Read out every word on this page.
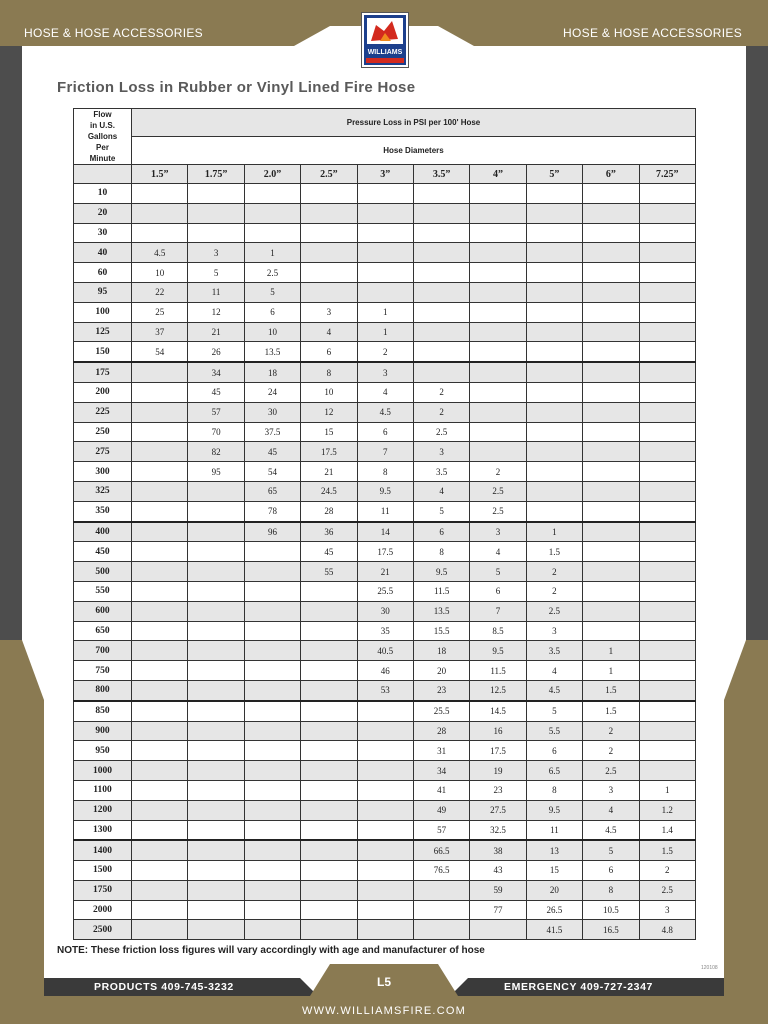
HOSE & HOSE ACCESSORIES	HOSE & HOSE ACCESSORIES
WILLIAMS
Friction Loss in Rubber or Vinyl Lined Fire Hose
Flow
in U.S.
Gallons
Per
Minute	Pressure Loss in PSI per 100' Hose									
	Hose Diameters									
	1.5”	1.75”	2.0”	2.5”	3”	3.5”	4”	5”	6”	7.25”
10										
20										
30										
40	4.5	3	1							
60	10	5	2.5							
95	22	11	5							
100	25	12	6	3	1					
125	37	21	10	4	1					
150	54	26	13.5	6	2					
175		34	18	8	3					
200		45	24	10	4	2				
225		57	30	12	4.5	2				
250		70	37.5	15	6	2.5				
275		82	45	17.5	7	3				
300		95	54	21	8	3.5	2			
325			65	24.5	9.5	4	2.5			
350			78	28	11	5	2.5			
400			96	36	14	6	3	1		
450				45	17.5	8	4	1.5		
500				55	21	9.5	5	2		
550					25.5	11.5	6	2		
600					30	13.5	7	2.5		
650					35	15.5	8.5	3		
700					40.5	18	9.5	3.5	1	
750					46	20	11.5	4	1	
800					53	23	12.5	4.5	1.5	
850						25.5	14.5	5	1.5	
900						28	16	5.5	2	
950						31	17.5	6	2	
1000						34	19	6.5	2.5	
1100						41	23	8	3	1
1200						49	27.5	9.5	4	1.2
1300						57	32.5	11	4.5	1.4
1400						66.5	38	13	5	1.5
1500						76.5	43	15	6	2
1750							59	20	8	2.5
2000							77	26.5	10.5	3
2500								41.5	16.5	4.8
NOTE: These friction loss figures will vary accordingly with age and manufacturer of hose
120108
PRODUCTS 409-745-3232	L5	EMERGENCY 409-727-2347
WWW.WILLIAMSFIRE.COM
